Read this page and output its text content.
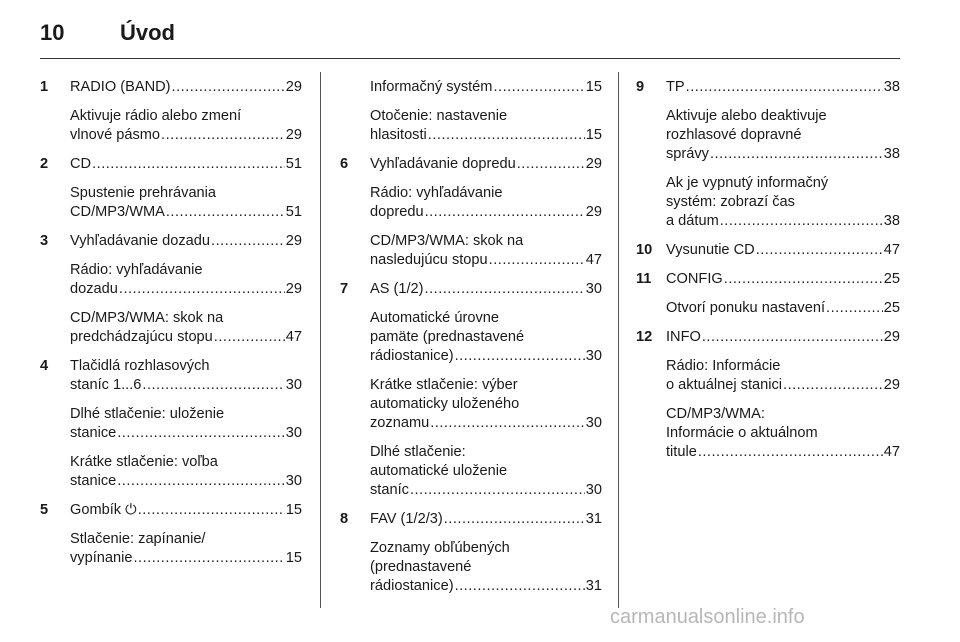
10	Úvod
1 RADIO (BAND) .....	29
Aktivuje rádio alebo zmení
vlnové pásmo .....	29
2 CD .....	51
Spustenie prehrávania
CD/MP3/WMA .....	51
3 Vyhľadávanie dozadu .....	29
Rádio: vyhľadávanie
dozadu .....	29
CD/MP3/WMA: skok na
predchádzajúcu stopu .....	47
4 Tlačidlá rozhlasových
staníc 1...6 .....	30
Dlhé stlačenie: uloženie
stanice .....	30
Krátke stlačenie: voľba
stanice .....	30
5 Gombík ⏻ .....	15
Stlačenie: zapínanie/
vypínanie .....	15
Informačný systém .....	15
Otočenie: nastavenie
hlasitosti .....	15
6 Vyhľadávanie dopredu .....	29
Rádio: vyhľadávanie
dopredu .....	29
CD/MP3/WMA: skok na
nasledujúcu stopu .....	47
7 AS (1/2) .....	30
Automatické úrovne
pamäte (prednastavené
rádiostanice) .....	30
Krátke stlačenie: výber
automaticky uloženého
zoznamu .....	30
Dlhé stlačenie:
automatické uloženie
staníc .....	30
8 FAV (1/2/3) .....	31
Zoznamy obľúbených
(prednastavené
rádiostanice) .....	31
9 TP .....	38
Aktivuje alebo deaktivuje
rozhlasové dopravné
správy .....	38
Ak je vypnutý informačný
systém: zobrazí čas
a dátum .....	38
10 Vysunutie CD .....	47
11 CONFIG .....	25
Otvorí ponuku nastavení .....	25
12 INFO .....	29
Rádio: Informácie
o aktuálnej stanici .....	29
CD/MP3/WMA:
Informácie o aktuálnom
titule .....	47
carmanualsonline.info
